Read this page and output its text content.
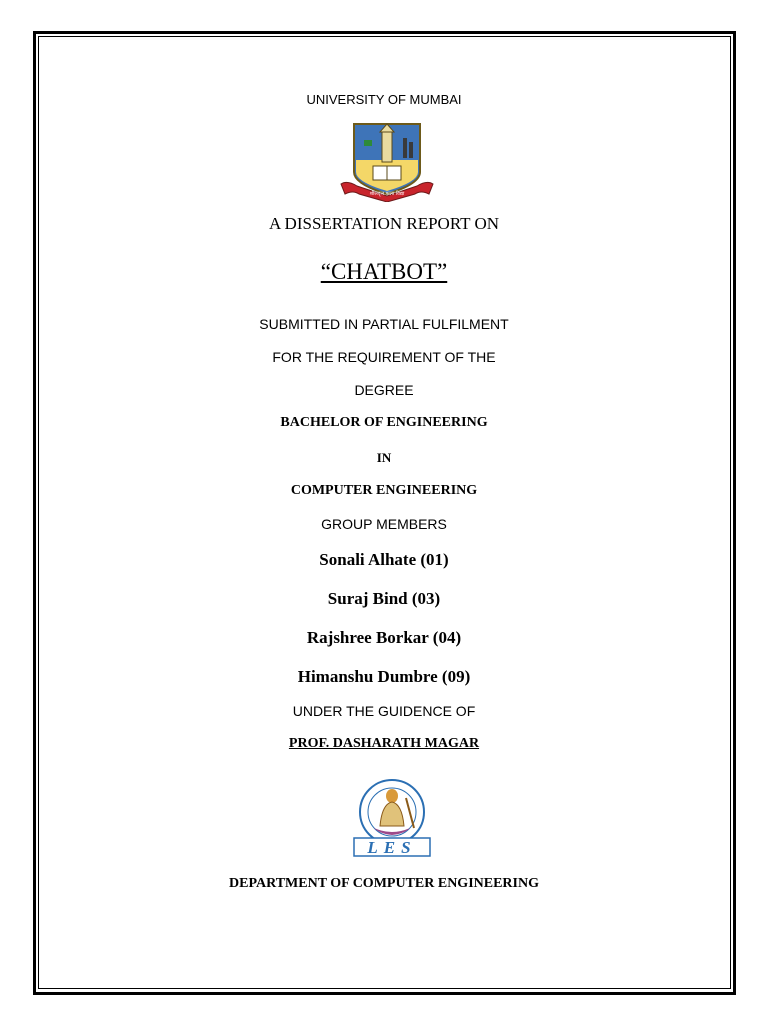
UNIVERSITY OF MUMBAI
शीलवृत्त फला विद्या
A DISSERTATION REPORT ON
“CHATBOT”
SUBMITTED IN PARTIAL FULFILMENT
FOR THE REQUIREMENT OF THE
DEGREE
BACHELOR OF ENGINEERING
IN
COMPUTER ENGINEERING
GROUP MEMBERS
Sonali Alhate (01)
Suraj Bind (03)
Rajshree Borkar (04)
Himanshu Dumbre (09)
UNDER THE GUIDENCE OF
PROF. DASHARATH MAGAR
LES
DEPARTMENT OF COMPUTER ENGINEERING
